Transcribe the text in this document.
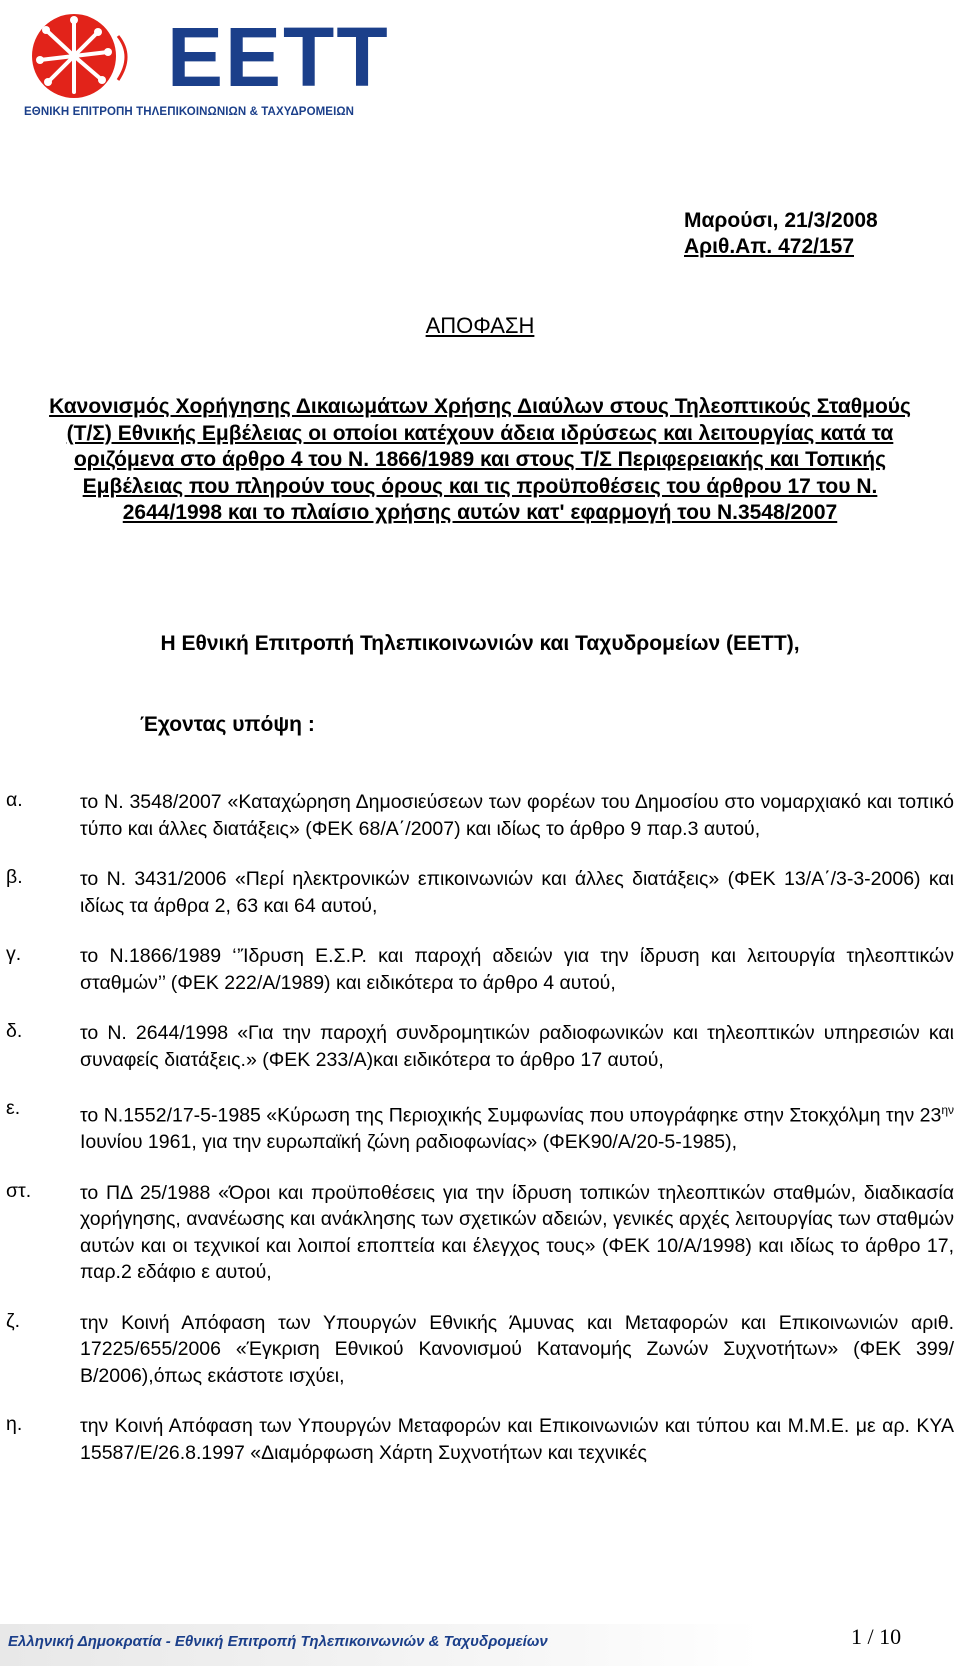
ΕΕΤΤ
ΕΘΝΙΚΗ ΕΠΙΤΡΟΠΗ ΤΗΛΕΠΙΚΟΙΝΩΝΙΩΝ & ΤΑΧΥΔΡΟΜΕΙΩΝ
Μαρούσι, 21/3/2008
Αριθ.Απ. 472/157
ΑΠΟΦΑΣΗ
Κανονισμός Χορήγησης Δικαιωμάτων Χρήσης Διαύλων στους Τηλεοπτικούς Σταθμούς (Τ/Σ) Εθνικής Εμβέλειας οι οποίοι κατέχουν άδεια ιδρύσεως και λειτουργίας κατά τα οριζόμενα στο άρθρο 4 του Ν. 1866/1989 και στους Τ/Σ Περιφερειακής και Τοπικής Εμβέλειας που πληρούν τους όρους και τις προϋποθέσεις του άρθρου 17 του Ν. 2644/1998 και το πλαίσιο χρήσης αυτών κατ' εφαρμογή του Ν.3548/2007
Η Εθνική Επιτροπή Τηλεπικοινωνιών και Ταχυδρομείων (ΕΕΤΤ),
Έχοντας υπόψη :
α.	το Ν. 3548/2007 «Καταχώρηση Δημοσιεύσεων των φορέων του Δημοσίου στο νομαρχιακό και τοπικό τύπο και άλλες διατάξεις» (ΦΕΚ 68/Α΄/2007) και ιδίως το άρθρο 9 παρ.3 αυτού,
β.	το Ν. 3431/2006 «Περί ηλεκτρονικών επικοινωνιών και άλλες διατάξεις» (ΦΕΚ 13/Α΄/3-3-2006) και ιδίως τα άρθρα 2, 63 και 64 αυτού,
γ.	το Ν.1866/1989 ‘’Ίδρυση Ε.Σ.Ρ. και παροχή αδειών για την ίδρυση και λειτουργία τηλεοπτικών σταθμών’’ (ΦΕΚ 222/Α/1989) και ειδικότερα το άρθρο 4 αυτού,
δ.	το Ν. 2644/1998 «Για την παροχή συνδρομητικών ραδιοφωνικών και τηλεοπτικών υπηρεσιών και συναφείς διατάξεις.» (ΦΕΚ 233/Α)και ειδικότερα το άρθρο 17 αυτού,
ε.	το Ν.1552/17-5-1985 «Κύρωση της Περιοχικής Συμφωνίας που υπογράφηκε στην Στοκχόλμη την $23^{\eta\nu}$ Ιουνίου 1961, για την ευρωπαϊκή ζώνη ραδιοφωνίας» (ΦΕΚ90/Α/20-5-1985),
στ.	το ΠΔ 25/1988 «Όροι και προϋποθέσεις για την ίδρυση τοπικών τηλεοπτικών σταθμών, διαδικασία χορήγησης, ανανέωσης και ανάκλησης των σχετικών αδειών, γενικές αρχές λειτουργίας των σταθμών αυτών και οι τεχνικοί και λοιποί εποπτεία και έλεγχος τους» (ΦΕΚ 10/Α/1998) και ιδίως το άρθρο 17, παρ.2 εδάφιο ε αυτού,
ζ.	την Κοινή Απόφαση των Υπουργών Εθνικής Άμυνας και Μεταφορών και Επικοινωνιών αριθ. 17225/655/2006 «Έγκριση Εθνικού Κανονισμού Κατανομής Ζωνών Συχνοτήτων» (ΦΕΚ 399/Β/2006),όπως εκάστοτε ισχύει,
η.	την Κοινή Απόφαση των Υπουργών Μεταφορών και Επικοινωνιών και τύπου και Μ.Μ.Ε. με αρ. ΚΥΑ 15587/Ε/26.8.1997 «Διαμόρφωση Χάρτη Συχνοτήτων και τεχνικές
Ελληνική Δημοκρατία - Εθνική Επιτροπή Τηλεπικοινωνιών & Ταχυδρομείων	1 / 10
